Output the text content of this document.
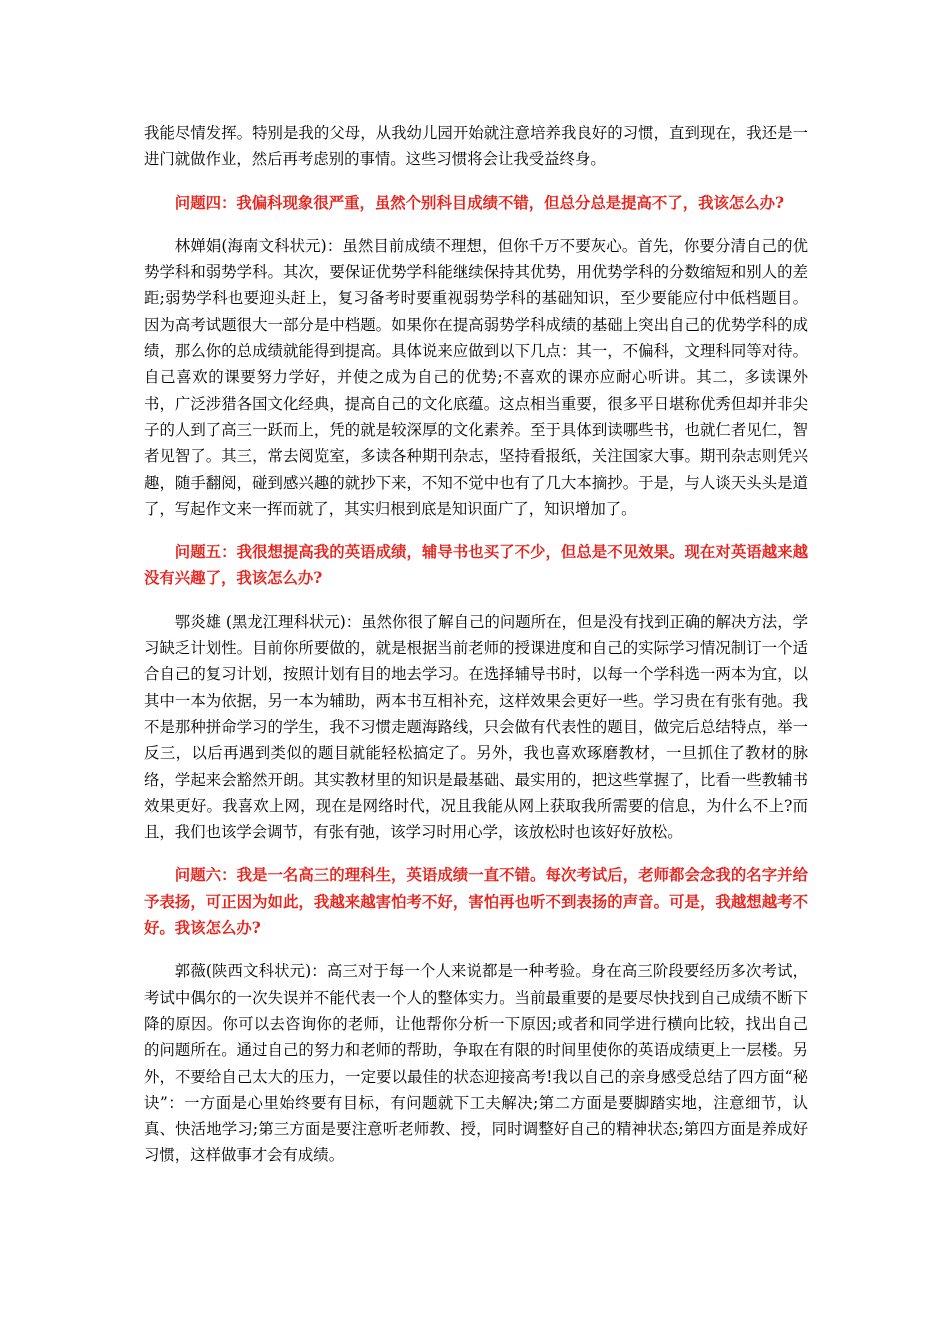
我能尽情发挥。特别是我的父母，从我幼儿园开始就注意培养我良好的习惯，直到现在，我还是一进门就做作业，然后再考虑别的事情。这些习惯将会让我受益终身。

问题四：我偏科现象很严重，虽然个别科目成绩不错，但总分总是提高不了，我该怎么办?

林婵娟(海南文科状元)：虽然目前成绩不理想，但你千万不要灰心。首先，你要分清自己的优势学科和弱势学科。其次，要保证优势学科能继续保持其优势，用优势学科的分数缩短和别人的差距;弱势学科也要迎头赶上，复习备考时要重视弱势学科的基础知识，至少要能应付中低档题目。因为高考试题很大一部分是中档题。如果你在提高弱势学科成绩的基础上突出自己的优势学科的成绩，那么你的总成绩就能得到提高。具体说来应做到以下几点：其一，不偏科，文理科同等对待。自己喜欢的课要努力学好，并使之成为自己的优势;不喜欢的课亦应耐心听讲。其二，多读课外书，广泛涉猎各国文化经典，提高自己的文化底蕴。这点相当重要，很多平日堪称优秀但却并非尖子的人到了高三一跃而上，凭的就是较深厚的文化素养。至于具体到读哪些书，也就仁者见仁，智者见智了。其三，常去阅览室，多读各种期刊杂志，坚持看报纸，关注国家大事。期刊杂志则凭兴趣，随手翻阅，碰到感兴趣的就抄下来，不知不觉中也有了几大本摘抄。于是，与人谈天头头是道了，写起作文来一挥而就了，其实归根到底是知识面广了，知识增加了。

问题五：我很想提高我的英语成绩，辅导书也买了不少，但总是不见效果。现在对英语越来越没有兴趣了，我该怎么办?

鄂炎雄 (黑龙江理科状元)：虽然你很了解自己的问题所在，但是没有找到正确的解决方法，学习缺乏计划性。目前你所要做的，就是根据当前老师的授课进度和自己的实际学习情况制订一个适合自己的复习计划，按照计划有目的地去学习。在选择辅导书时，以每一个学科选一两本为宜，以其中一本为依据，另一本为辅助，两本书互相补充，这样效果会更好一些。学习贵在有张有弛。我不是那种拼命学习的学生，我不习惯走题海路线，只会做有代表性的题目，做完后总结特点，举一反三，以后再遇到类似的题目就能轻松搞定了。另外，我也喜欢琢磨教材，一旦抓住了教材的脉络，学起来会豁然开朗。其实教材里的知识是最基础、最实用的，把这些掌握了，比看一些教辅书效果更好。我喜欢上网，现在是网络时代，况且我能从网上获取我所需要的信息，为什么不上?而且，我们也该学会调节，有张有弛，该学习时用心学，该放松时也该好好放松。

问题六：我是一名高三的理科生，英语成绩一直不错。每次考试后，老师都会念我的名字并给予表扬，可正因为如此，我越来越害怕考不好，害怕再也听不到表扬的声音。可是，我越想越考不好。我该怎么办?

郭薇(陕西文科状元)：高三对于每一个人来说都是一种考验。身在高三阶段要经历多次考试，考试中偶尔的一次失误并不能代表一个人的整体实力。当前最重要的是要尽快找到自己成绩不断下降的原因。你可以去咨询你的老师，让他帮你分析一下原因;或者和同学进行横向比较，找出自己的问题所在。通过自己的努力和老师的帮助，争取在有限的时间里使你的英语成绩更上一层楼。另外，不要给自己太大的压力，一定要以最佳的状态迎接高考!我以自己的亲身感受总结了四方面“秘诀”：一方面是心里始终要有目标，有问题就下工夫解决;第二方面是要脚踏实地，注意细节，认真、快活地学习;第三方面是要注意听老师教、授，同时调整好自己的精神状态;第四方面是养成好习惯，这样做事才会有成绩。
